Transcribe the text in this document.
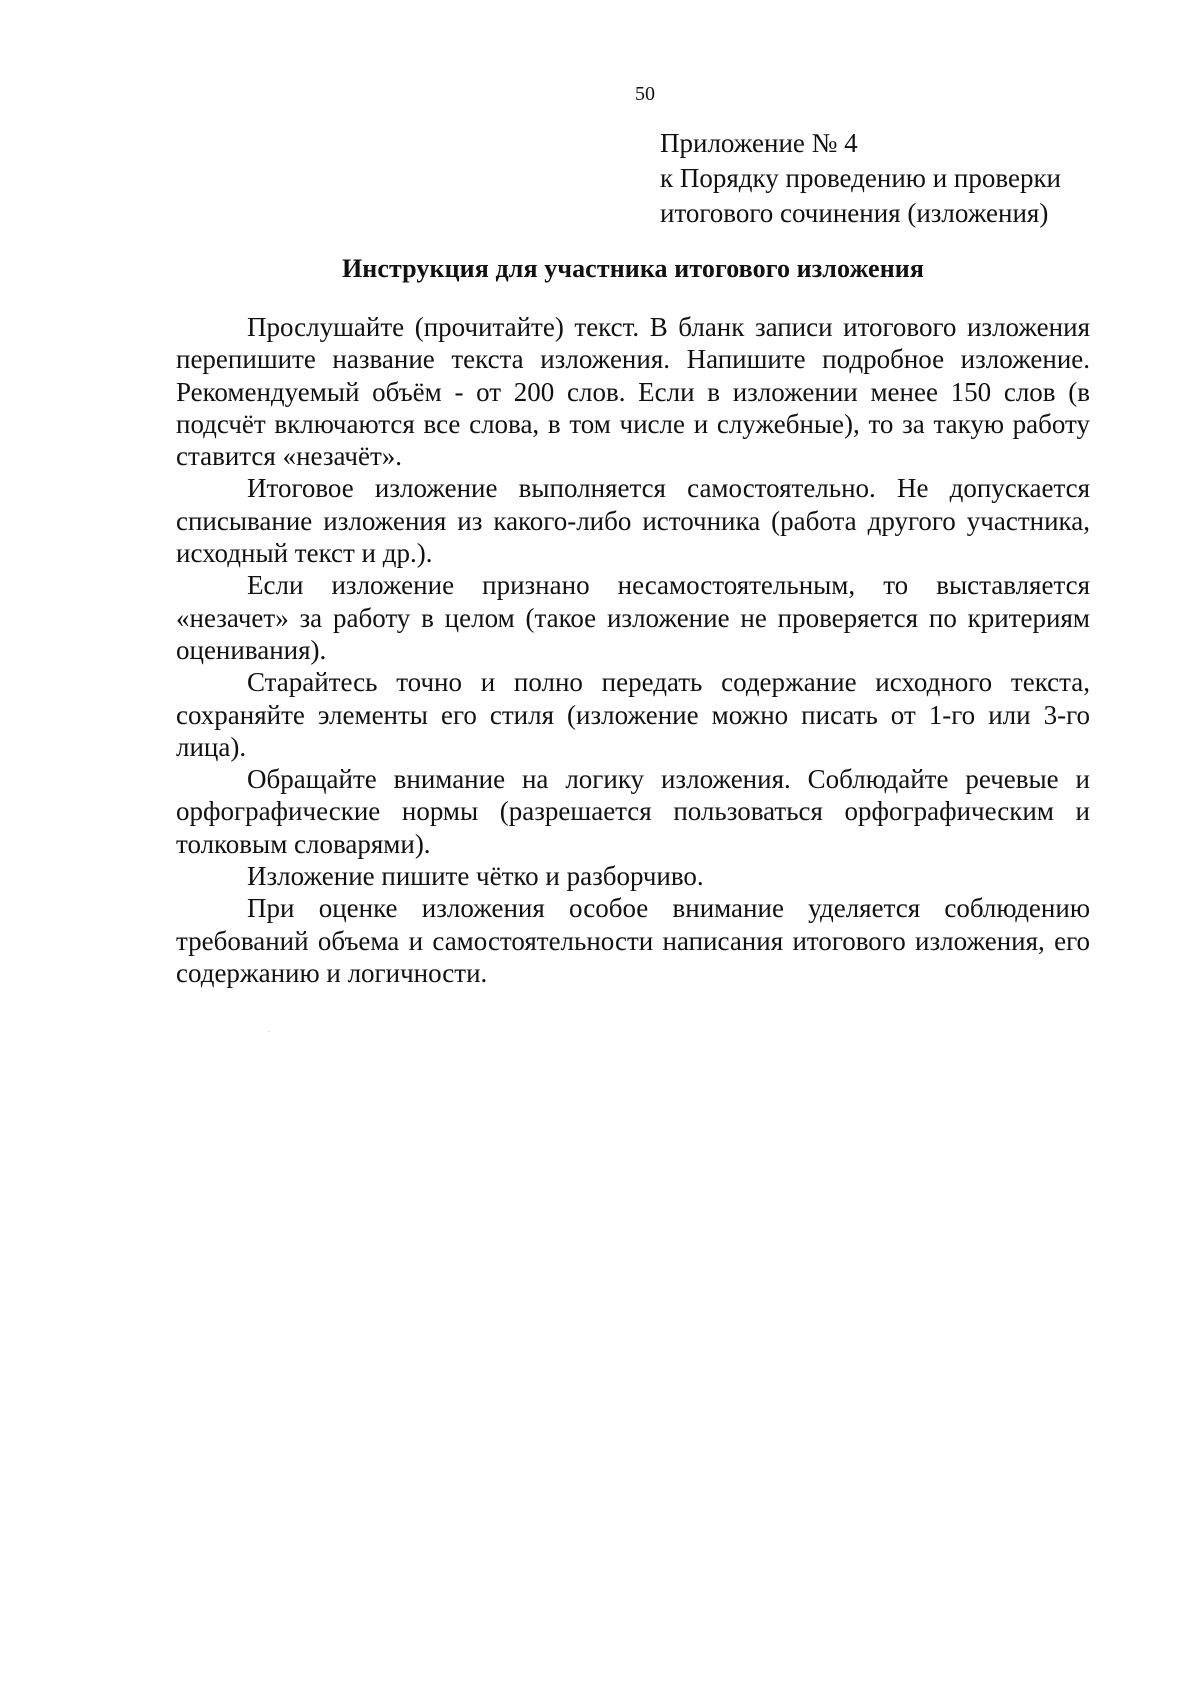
50
Приложение № 4
к Порядку проведению и проверки
итогового сочинения (изложения)
Инструкция для участника итогового изложения

Прослушайте (прочитайте) текст. В бланк записи итогового изложения перепишите название текста изложения. Напишите подробное изложение. Рекомендуемый объём - от 200 слов. Если в изложении менее 150 слов (в подсчёт включаются все слова, в том числе и служебные), то за такую работу ставится «незачёт».

Итоговое изложение выполняется самостоятельно. Не допускается списывание изложения из какого-либо источника (работа другого участника, исходный текст и др.).

Если изложение признано несамостоятельным, то выставляется «незачет» за работу в целом (такое изложение не проверяется по критериям оценивания).

Старайтесь точно и полно передать содержание исходного текста, сохраняйте элементы его стиля (изложение можно писать от 1-го или 3-го лица).

Обращайте внимание на логику изложения. Соблюдайте речевые и орфографические нормы (разрешается пользоваться орфографическим и толковым словарями).

Изложение пишите чётко и разборчиво.

При оценке изложения особое внимание уделяется соблюдению требований объема и самостоятельности написания итогового изложения, его содержанию и логичности.
